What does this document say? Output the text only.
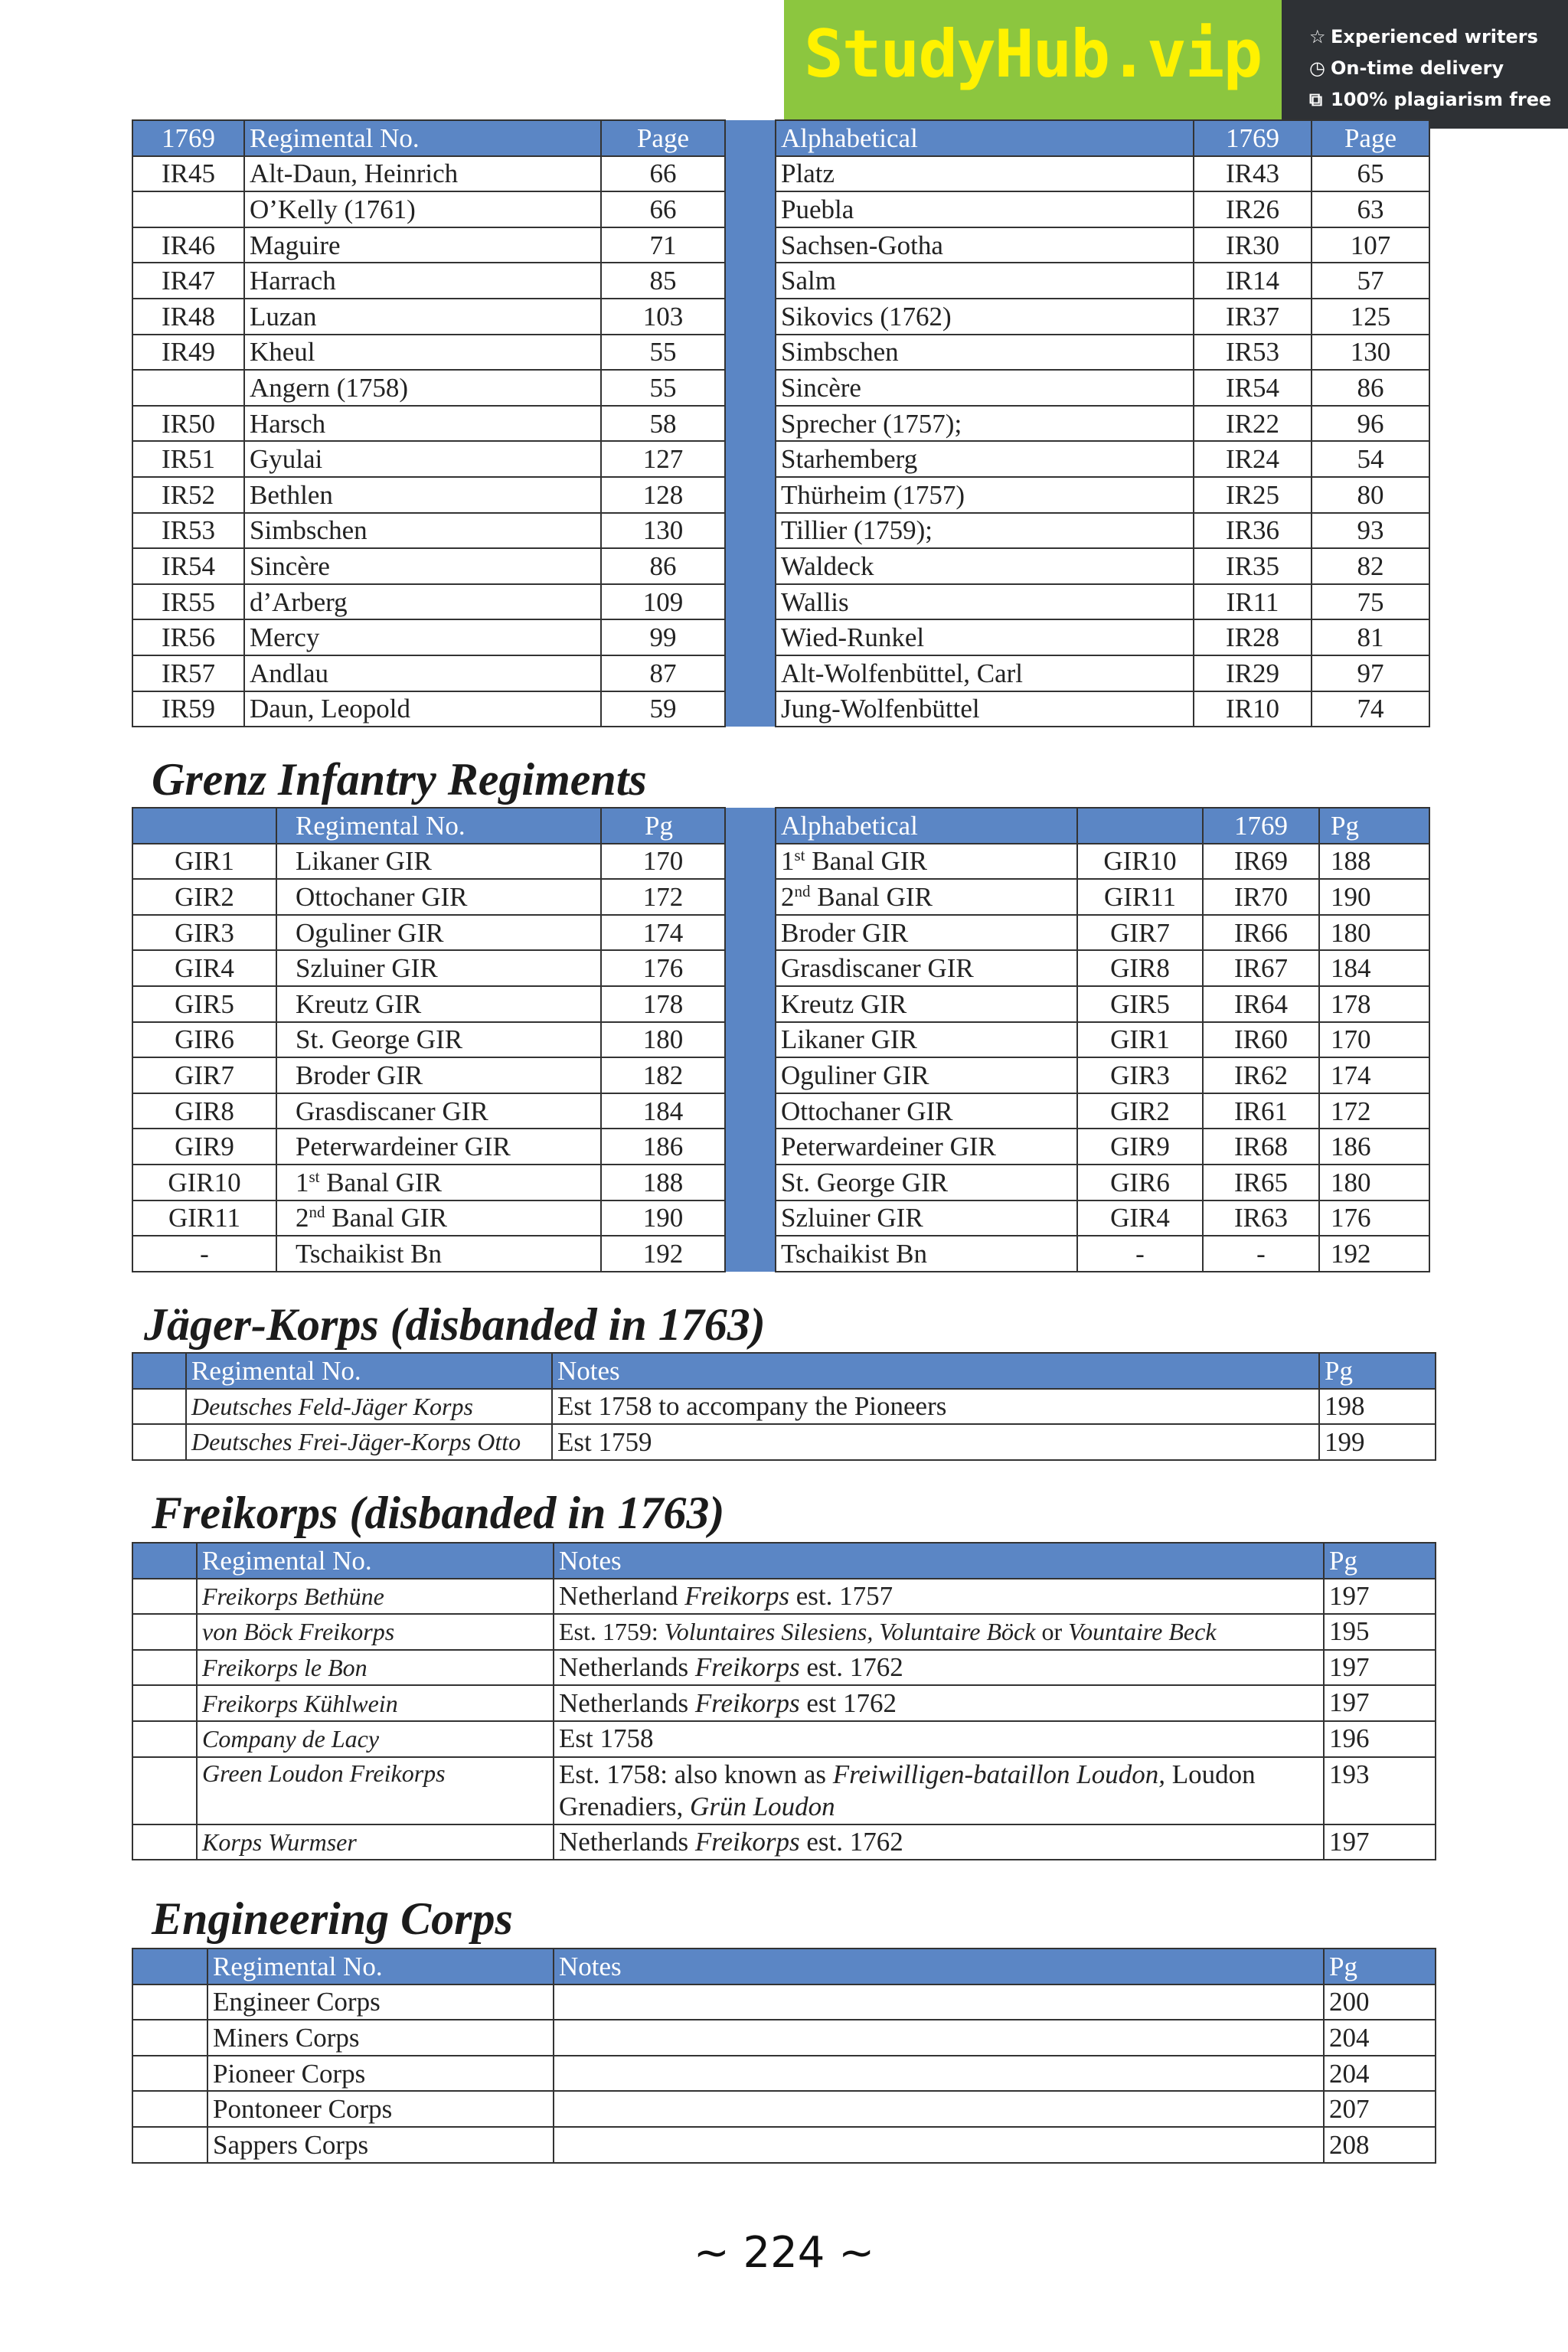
StudyHub.vip	☆ Experienced writers
◷ On-time delivery
⧉ 100% plagiarism free
1769	Regimental No.	Page		Alphabetical	1769	Page
IR45	Alt-Daun, Heinrich	66		Platz	IR43	65
	O’Kelly (1761)	66		Puebla	IR26	63
IR46	Maguire	71		Sachsen-Gotha	IR30	107
IR47	Harrach	85		Salm	IR14	57
IR48	Luzan	103		Sikovics (1762)	IR37	125
IR49	Kheul	55		Simbschen	IR53	130
	Angern (1758)	55		Sincère	IR54	86
IR50	Harsch	58		Sprecher (1757);	IR22	96
IR51	Gyulai	127		Starhemberg	IR24	54
IR52	Bethlen	128		Thürheim (1757)	IR25	80
IR53	Simbschen	130		Tillier (1759);	IR36	93
IR54	Sincère	86		Waldeck	IR35	82
IR55	d’Arberg	109		Wallis	IR11	75
IR56	Mercy	99		Wied-Runkel	IR28	81
IR57	Andlau	87		Alt-Wolfenbüttel, Carl	IR29	97
IR59	Daun, Leopold	59		Jung-Wolfenbüttel	IR10	74
Grenz Infantry Regiments
	Regimental No.	Pg		Alphabetical		1769	Pg
GIR1	Likaner GIR	170		1st Banal GIR	GIR10	IR69	188
GIR2	Ottochaner GIR	172		2nd Banal GIR	GIR11	IR70	190
GIR3	Oguliner GIR	174		Broder GIR	GIR7	IR66	180
GIR4	Szluiner GIR	176		Grasdiscaner GIR	GIR8	IR67	184
GIR5	Kreutz GIR	178		Kreutz GIR	GIR5	IR64	178
GIR6	St. George GIR	180		Likaner GIR	GIR1	IR60	170
GIR7	Broder GIR	182		Oguliner GIR	GIR3	IR62	174
GIR8	Grasdiscaner GIR	184		Ottochaner GIR	GIR2	IR61	172
GIR9	Peterwardeiner GIR	186		Peterwardeiner GIR	GIR9	IR68	186
GIR10	1st Banal GIR	188		St. George GIR	GIR6	IR65	180
GIR11	2nd Banal GIR	190		Szluiner GIR	GIR4	IR63	176
-	Tschaikist Bn	192		Tschaikist Bn	-	-	192
Jäger-Korps (disbanded in 1763)
	Regimental No.	Notes	Pg
	Deutsches Feld-Jäger Korps	Est 1758 to accompany the Pioneers	198
	Deutsches Frei-Jäger-Korps Otto	Est 1759	199
Freikorps (disbanded in 1763)
	Regimental No.	Notes	Pg
	Freikorps Bethüne	Netherland Freikorps est. 1757	197
	von Böck Freikorps	Est. 1759: Voluntaires Silesiens, Voluntaire Böck or Vountaire Beck	195
	Freikorps le Bon	Netherlands Freikorps est. 1762	197
	Freikorps Kühlwein	Netherlands Freikorps est 1762	197
	Company de Lacy	Est 1758	196
	Green Loudon Freikorps	Est. 1758: also known as Freiwilligen-bataillon Loudon, Loudon Grenadiers, Grün Loudon	193
	Korps Wurmser	Netherlands Freikorps est. 1762	197
Engineering Corps
	Regimental No.	Notes	Pg
	Engineer Corps		200
	Miners Corps		204
	Pioneer Corps		204
	Pontoneer Corps		207
	Sappers Corps		208
~ 224 ~
